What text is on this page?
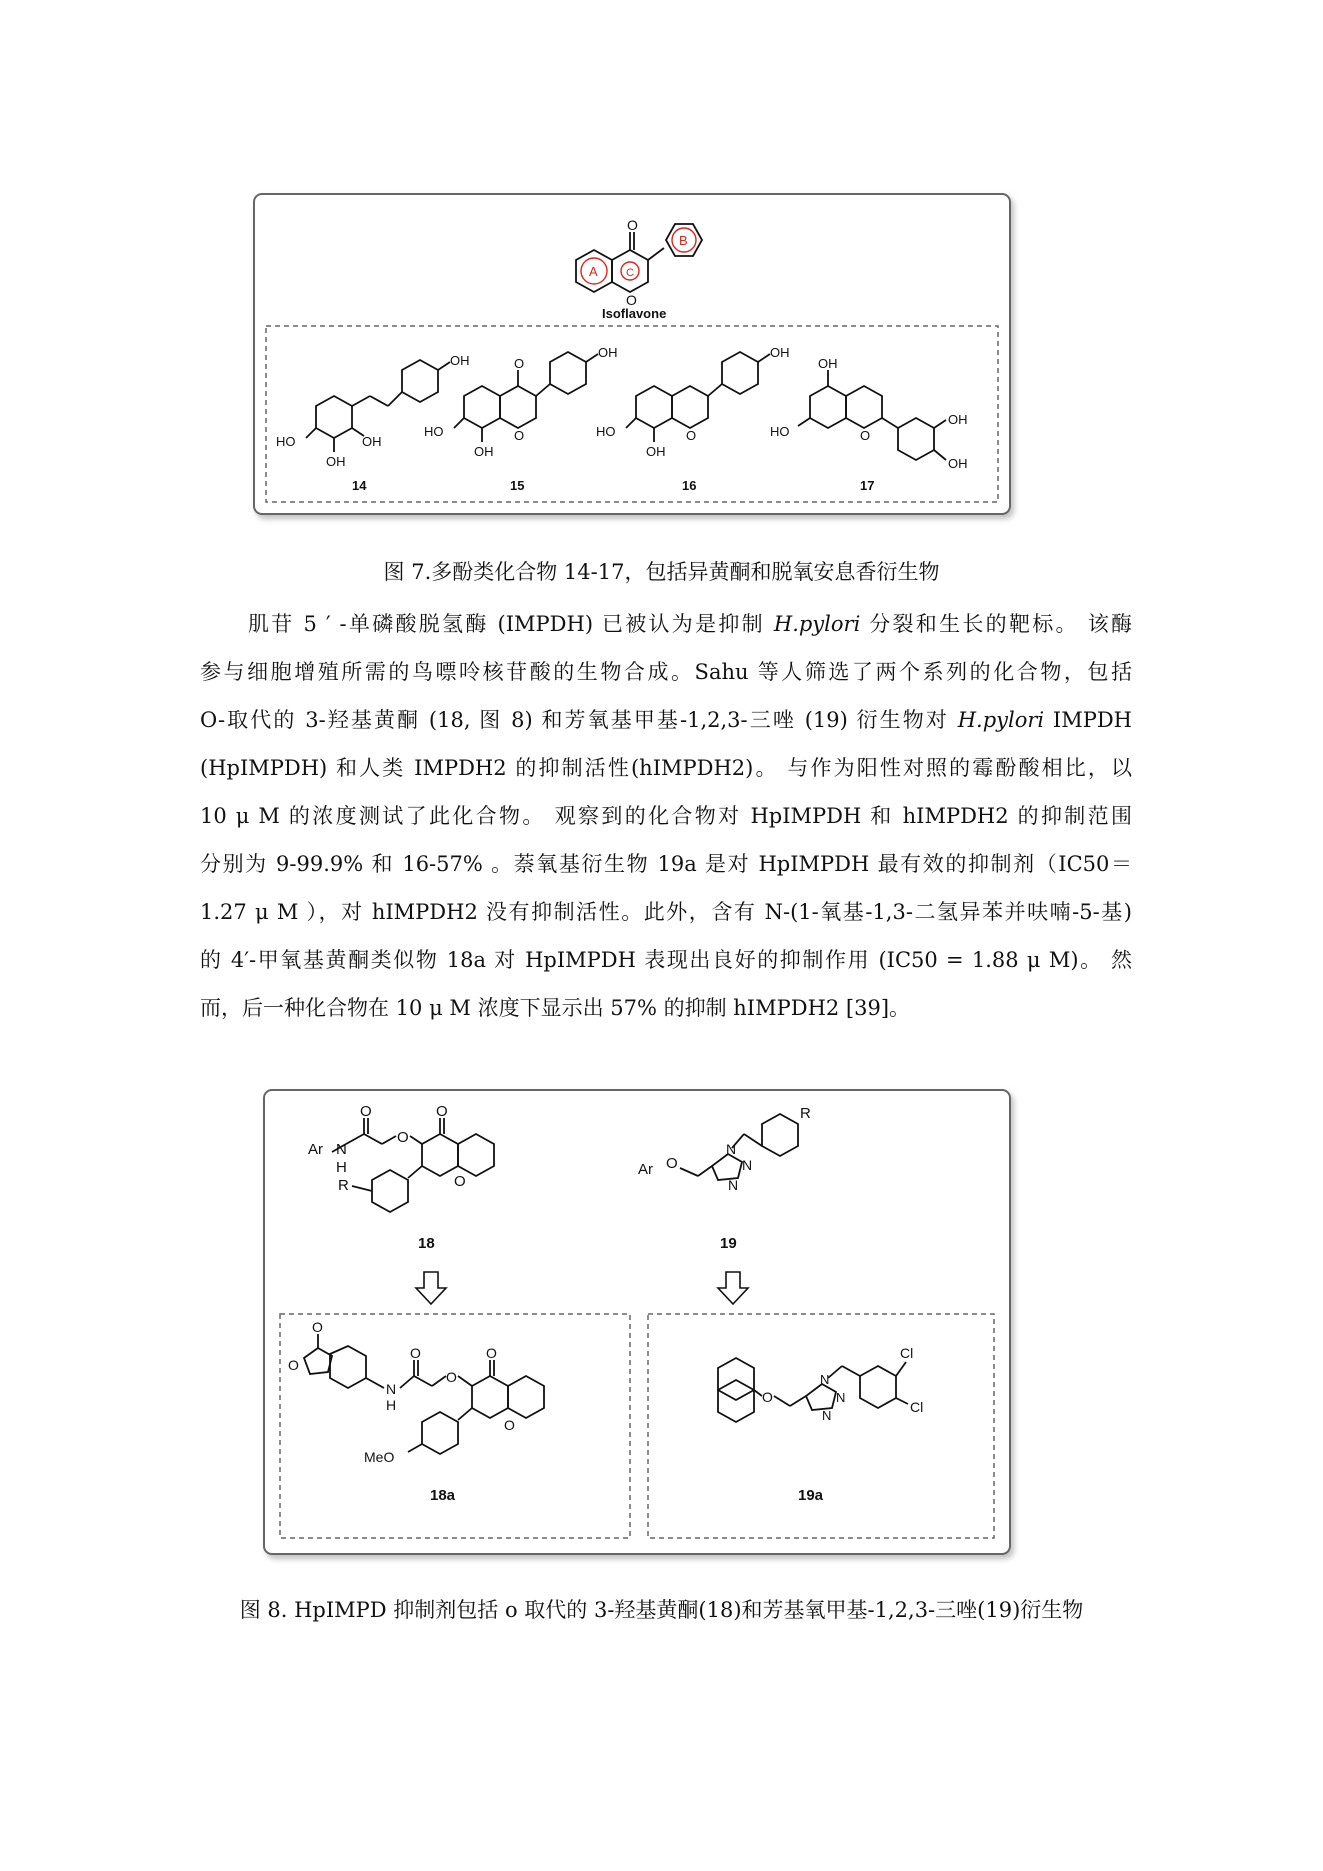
O
O
A	C
B
Isoflavone
OH
HO
OH
OH
14
O
OH
HO
OH
O
15
OH
HO
OH
O
16
OH
HO	O
OH
OH
17
图 7.多酚类化合物 14-17，包括异黄酮和脱氧安息香衍生物
肌苷 5 ′ -单磷酸脱氢酶 (IMPDH) 已被认为是抑制 H.pylori 分裂和生长的靶标。 该酶
参与细胞增殖所需的鸟嘌呤核苷酸的生物合成。Sahu 等人筛选了两个系列的化合物，包括
O-取代的 3-羟基黄酮 (18, 图 8) 和芳氧基甲基-1,2,3-三唑 (19) 衍生物对 H.pylori IMPDH
(HpIMPDH) 和人类 IMPDH2 的抑制活性(hIMPDH2)。 与作为阳性对照的霉酚酸相比，以
10 μ M 的浓度测试了此化合物。 观察到的化合物对 HpIMPDH 和 hIMPDH2 的抑制范围
分别为 9-99.9% 和 16-57% 。萘氧基衍生物 19a 是对 HpIMPDH 最有效的抑制剂（IC50＝
1.27 μ M ），对 hIMPDH2 没有抑制活性。此外，含有 N-(1-氧基-1,3-二氢异苯并呋喃-5-基)
的 4′-甲氧基黄酮类似物 18a 对 HpIMPDH 表现出良好的抑制作用 (IC50 = 1.88 μ M)。 然
而，后一种化合物在 10 μ M 浓度下显示出 57% 的抑制 hIMPDH2 [39]。
O
Ar N
H
O
O
O
R
18
R
N
N
N
Ar O
19
O
O
O
N
H
O
O
O
MeO
18a
Cl
Cl
N
N
N
O
19a
图 8. HpIMPD 抑制剂包括 o 取代的 3-羟基黄酮(18)和芳基氧甲基-1,2,3-三唑(19)衍生物
